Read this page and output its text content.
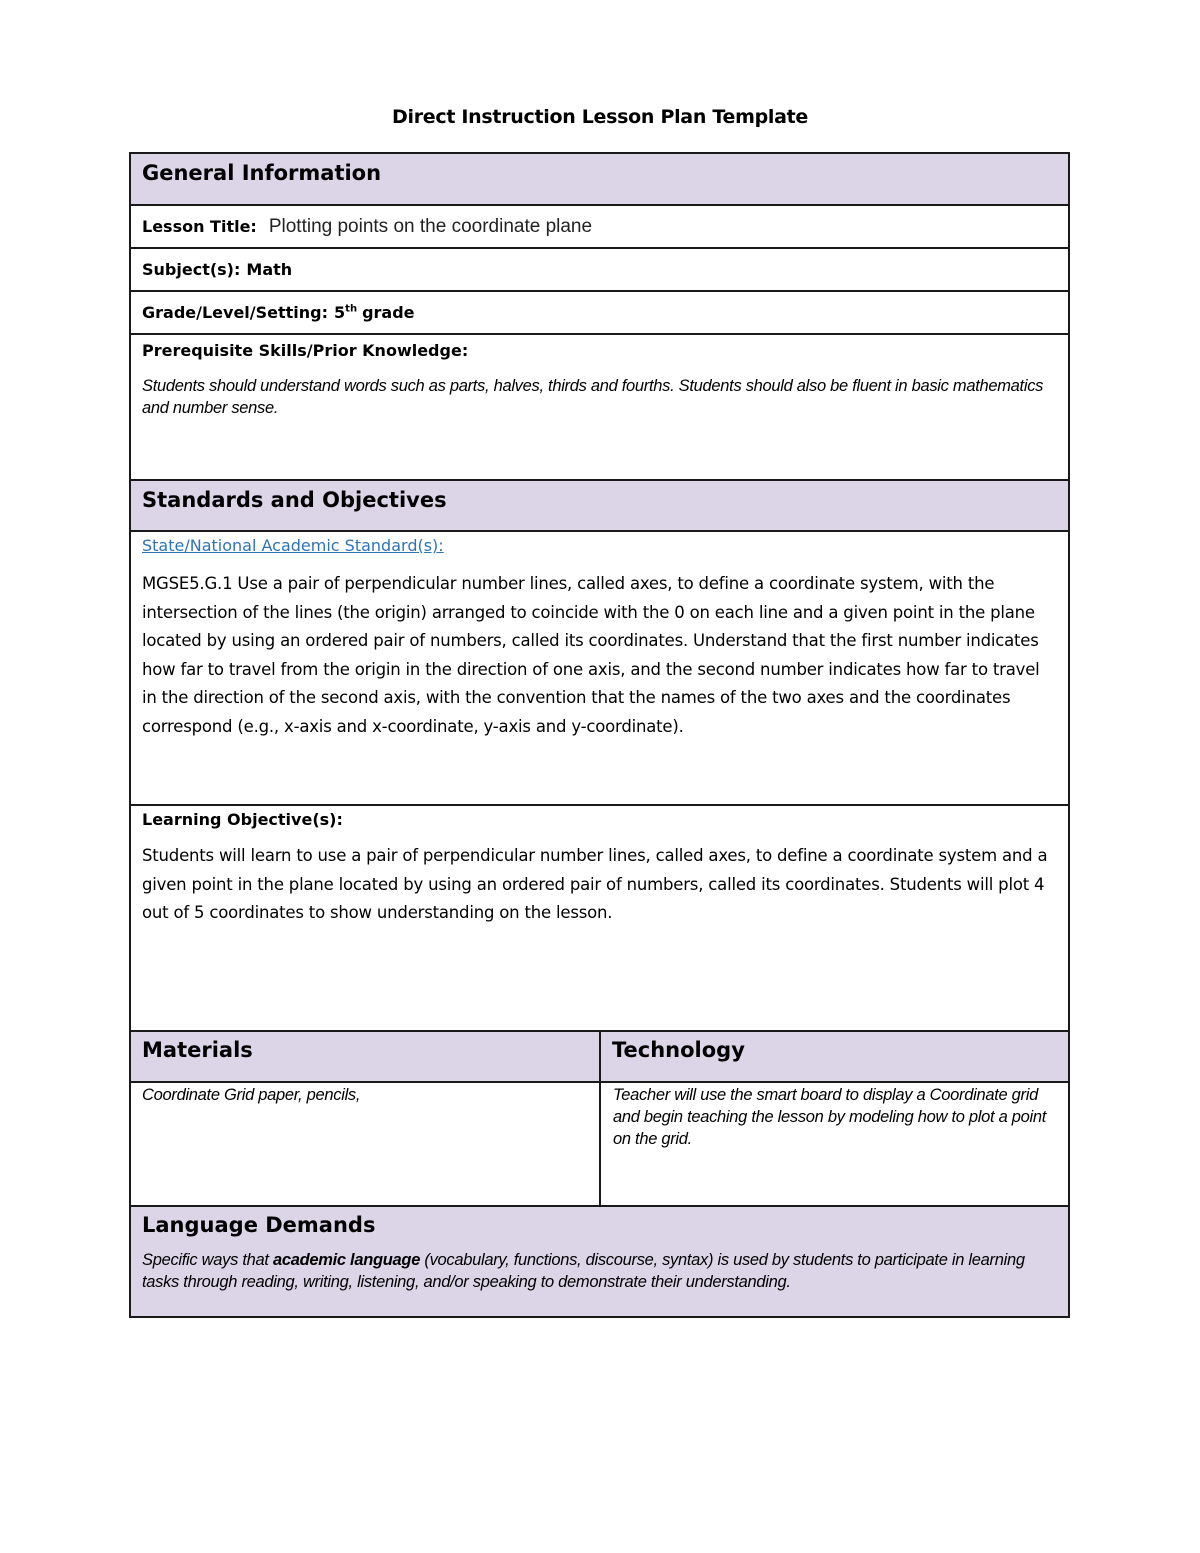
Direct Instruction Lesson Plan Template
General Information
Lesson Title: Plotting points on the coordinate plane
Subject(s): Math
Grade/Level/Setting: 5th grade
Prerequisite Skills/Prior Knowledge:
Students should understand words such as parts, halves, thirds and fourths. Students should also be fluent in basic mathematics and number sense.
Standards and Objectives
State/National Academic Standard(s):
MGSE5.G.1 Use a pair of perpendicular number lines, called axes, to define a coordinate system, with the intersection of the lines (the origin) arranged to coincide with the 0 on each line and a given point in the plane located by using an ordered pair of numbers, called its coordinates. Understand that the first number indicates how far to travel from the origin in the direction of one axis, and the second number indicates how far to travel in the direction of the second axis, with the convention that the names of the two axes and the coordinates correspond (e.g., x-axis and x-coordinate, y-axis and y-coordinate).
Learning Objective(s):
Students will learn to use a pair of perpendicular number lines, called axes, to define a coordinate system and a given point in the plane located by using an ordered pair of numbers, called its coordinates. Students will plot 4 out of 5 coordinates to show understanding on the lesson.
Materials	Technology
Coordinate Grid paper, pencils,	Teacher will use the smart board to display a Coordinate grid and begin teaching the lesson by modeling how to plot a point on the grid.
Language Demands
Specific ways that academic language (vocabulary, functions, discourse, syntax) is used by students to participate in learning tasks through reading, writing, listening, and/or speaking to demonstrate their understanding.
